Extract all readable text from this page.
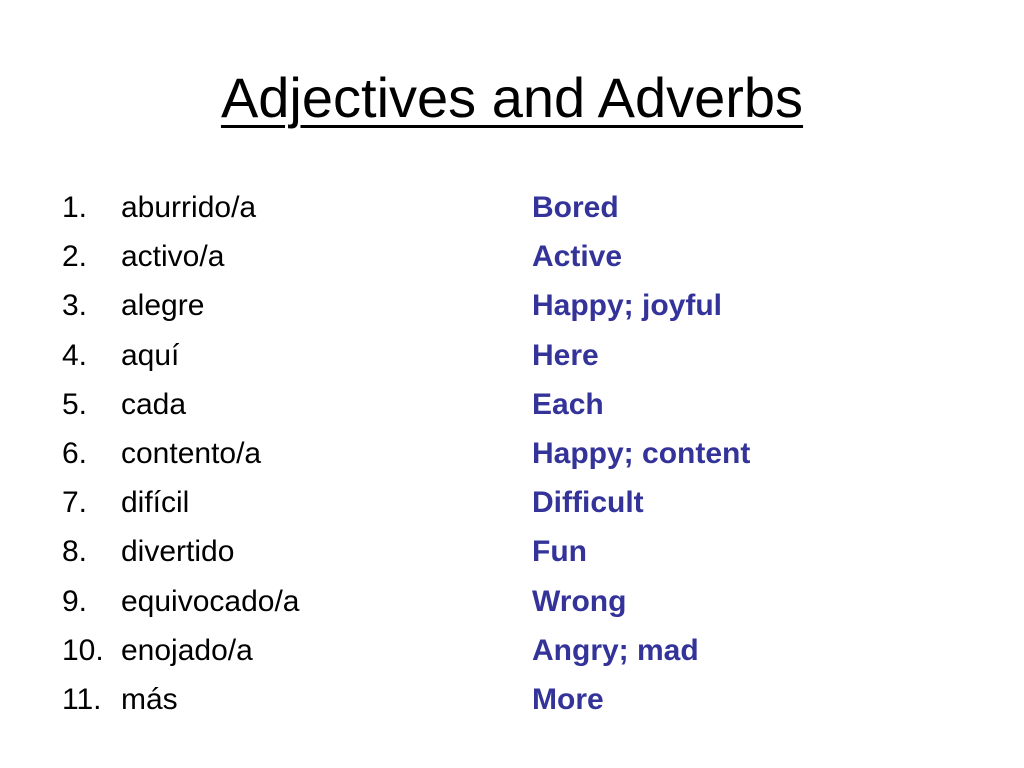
Adjectives and Adverbs
1. aburrido/a	Bored
2. activo/a	Active
3. alegre	Happy; joyful
4. aquí	Here
5. cada	Each
6. contento/a	Happy; content
7. difícil	Difficult
8. divertido	Fun
9. equivocado/a	Wrong
10. enojado/a	Angry; mad
11. más	More
